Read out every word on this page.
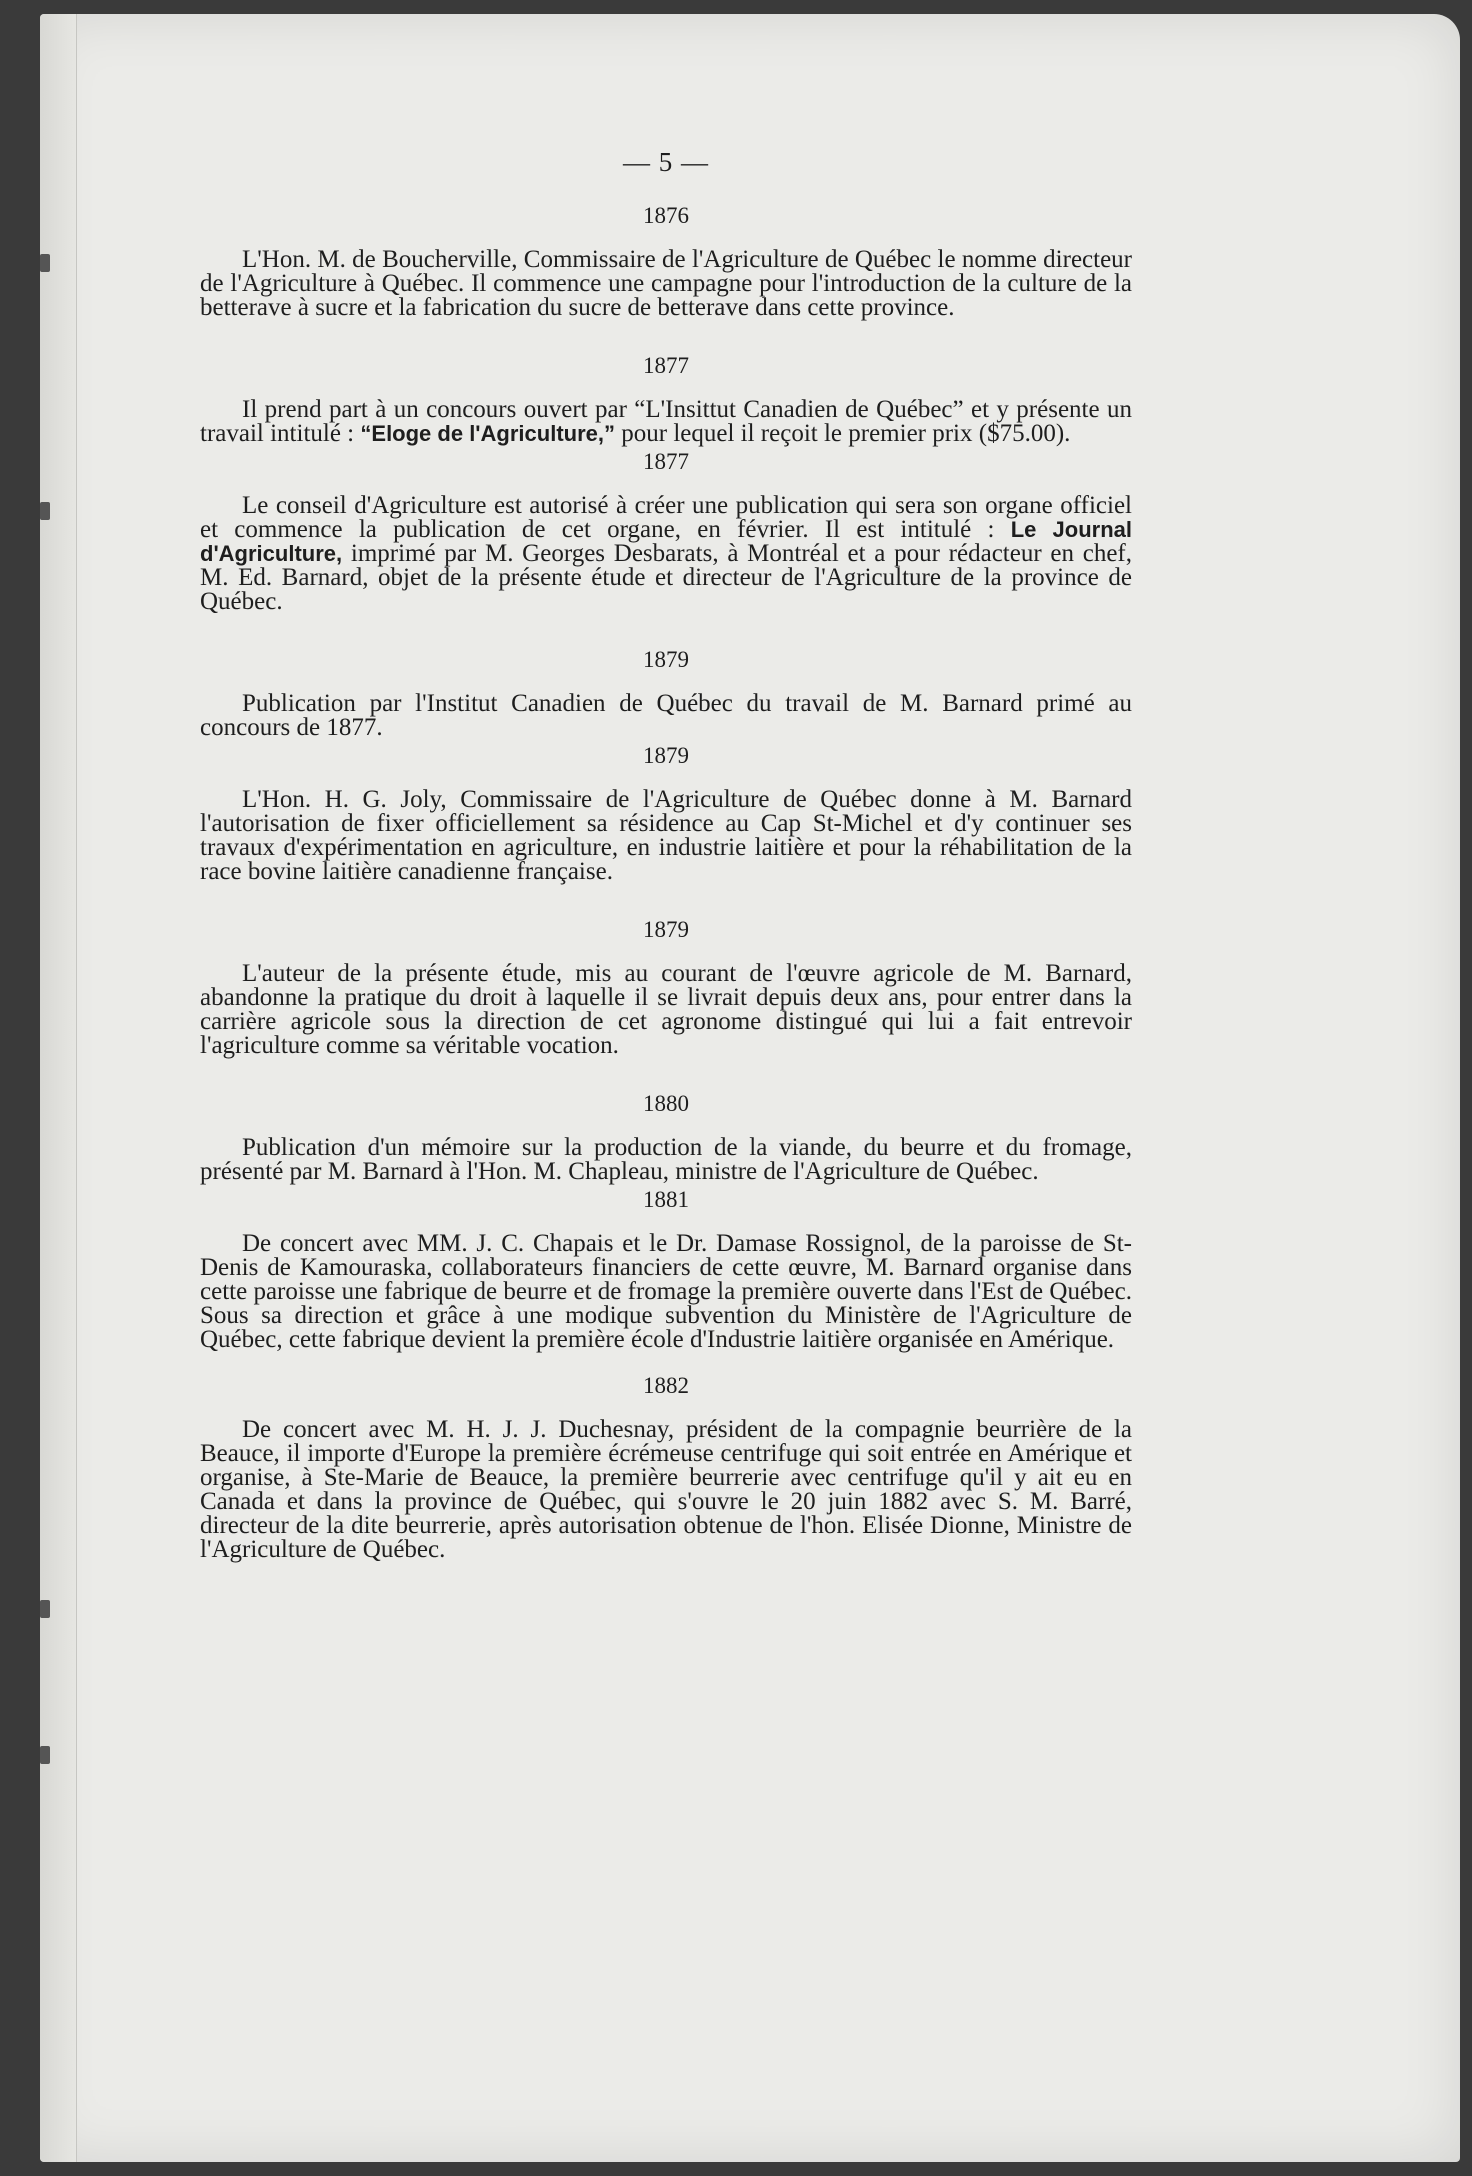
— 5 —
1876

L'Hon. M. de Boucherville, Commissaire de l'Agriculture de Québec le nomme directeur de l'Agriculture à Québec. Il commence une campagne pour l'introduction de la culture de la betterave à sucre et la fabrication du sucre de betterave dans cette province.

1877

Il prend part à un concours ouvert par “L'Insittut Canadien de Québec” et y présente un travail intitulé : “Eloge de l'Agriculture,” pour lequel il reçoit le premier prix ($75.00).

1877

Le conseil d'Agriculture est autorisé à créer une publication qui sera son organe officiel et commence la publication de cet organe, en février. Il est intitulé : Le Journal d'Agriculture, imprimé par M. Georges Desbarats, à Montréal et a pour rédacteur en chef, M. Ed. Barnard, objet de la présente étude et directeur de l'Agriculture de la province de Québec.

1879

Publication par l'Institut Canadien de Québec du travail de M. Barnard primé au concours de 1877.

1879

L'Hon. H. G. Joly, Commissaire de l'Agriculture de Québec donne à M. Barnard l'autorisation de fixer officiellement sa résidence au Cap St-Michel et d'y continuer ses travaux d'expérimentation en agriculture, en industrie laitière et pour la réhabilitation de la race bovine laitière canadienne française.

1879

L'auteur de la présente étude, mis au courant de l'œuvre agricole de M. Barnard, abandonne la pratique du droit à laquelle il se livrait depuis deux ans, pour entrer dans la carrière agricole sous la direction de cet agronome distingué qui lui a fait entrevoir l'agriculture comme sa véritable vocation.

1880

Publication d'un mémoire sur la production de la viande, du beurre et du fromage, présenté par M. Barnard à l'Hon. M. Chapleau, ministre de l'Agriculture de Québec.

1881

De concert avec MM. J. C. Chapais et le Dr. Damase Rossignol, de la paroisse de St-Denis de Kamouraska, collaborateurs financiers de cette œuvre, M. Barnard organise dans cette paroisse une fabrique de beurre et de fromage la première ouverte dans l'Est de Québec. Sous sa direction et grâce à une modique subvention du Ministère de l'Agriculture de Québec, cette fabrique devient la première école d'Industrie laitière organisée en Amérique.

1882

De concert avec M. H. J. J. Duchesnay, président de la compagnie beurrière de la Beauce, il importe d'Europe la première écrémeuse centrifuge qui soit entrée en Amérique et organise, à Ste-Marie de Beauce, la première beurrerie avec centrifuge qu'il y ait eu en Canada et dans la province de Québec, qui s'ouvre le 20 juin 1882 avec S. M. Barré, directeur de la dite beurrerie, après autorisation obtenue de l'hon. Elisée Dionne, Ministre de l'Agriculture de Québec.
